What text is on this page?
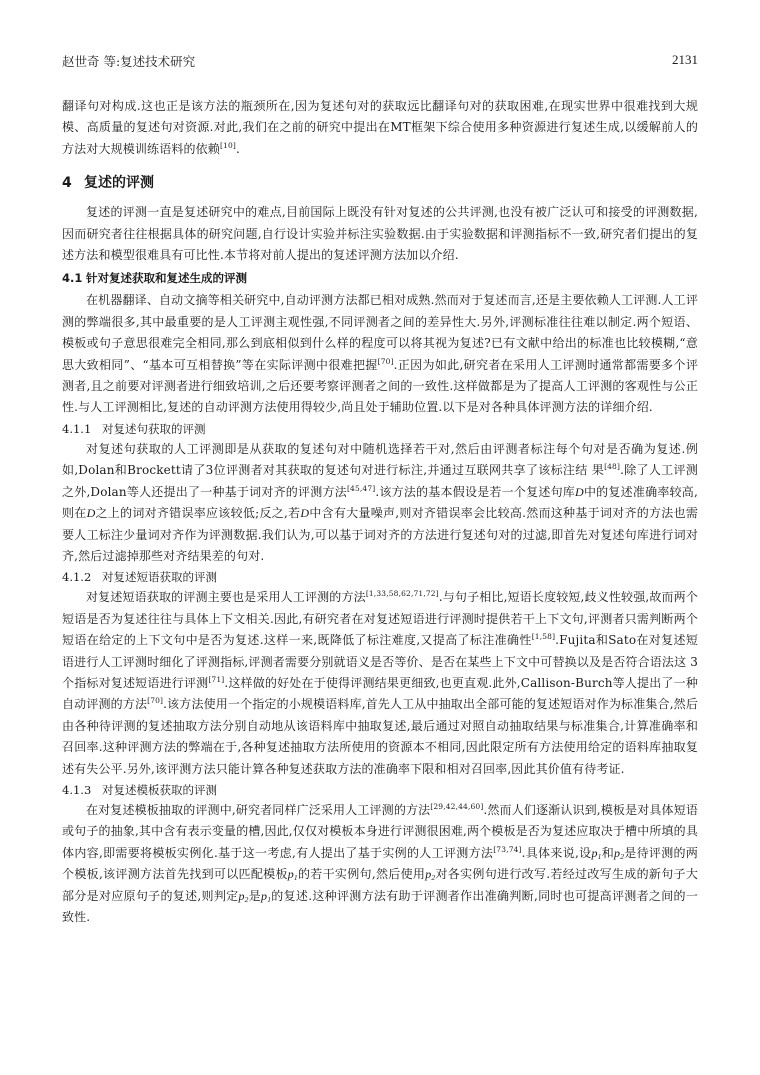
赵世奇 等:复述技术研究	2131

翻译句对构成.这也正是该方法的瓶颈所在,因为复述句对的获取远比翻译句对的获取困难,在现实世界中很难找到大规模、高质量的复述句对资源.对此,我们在之前的研究中提出在MT框架下综合使用多种资源进行复述生成,以缓解前人的方法对大规模训练语料的依赖[10].

4 复述的评测

复述的评测一直是复述研究中的难点,目前国际上既没有针对复述的公共评测,也没有被广泛认可和接受的评测数据,因而研究者往往根据具体的研究问题,自行设计实验并标注实验数据.由于实验数据和评测指标不一致,研究者们提出的复述方法和模型很难具有可比性.本节将对前人提出的复述评测方法加以介绍.

4.1 针对复述获取和复述生成的评测

在机器翻译、自动文摘等相关研究中,自动评测方法都已相对成熟.然而对于复述而言,还是主要依赖人工评测.人工评测的弊端很多,其中最重要的是人工评测主观性强,不同评测者之间的差异性大.另外,评测标准往往难以制定.两个短语、模板或句子意思很难完全相同,那么到底相似到什么样的程度可以将其视为复述?已有文献中给出的标准也比较模糊,“意思大致相同”、“基本可互相替换”等在实际评测中很难把握[70].正因为如此,研究者在采用人工评测时通常都需要多个评测者,且之前要对评测者进行细致培训,之后还要考察评测者之间的一致性.这样做都是为了提高人工评测的客观性与公正性.与人工评测相比,复述的自动评测方法使用得较少,尚且处于辅助位置.以下是对各种具体评测方法的详细介绍.

4.1.1 对复述句获取的评测

对复述句获取的人工评测即是从获取的复述句对中随机选择若干对,然后由评测者标注每个句对是否确为复述.例如,Dolan和Brockett请了3位评测者对其获取的复述句对进行标注,并通过互联网共享了该标注结 果[48].除了人工评测之外,Dolan等人还提出了一种基于词对齐的评测方法[45,47].该方法的基本假设是若一个复述句库D中的复述准确率较高,则在D之上的词对齐错误率应该较低;反之,若D中含有大量噪声,则对齐错误率会比较高.然而这种基于词对齐的方法也需要人工标注少量词对齐作为评测数据.我们认为,可以基于词对齐的方法进行复述句对的过滤,即首先对复述句库进行词对齐,然后过滤掉那些对齐结果差的句对.

4.1.2 对复述短语获取的评测

对复述短语获取的评测主要也是采用人工评测的方法[1,33,58,62,71,72].与句子相比,短语长度较短,歧义性较强,故而两个短语是否为复述往往与具体上下文相关.因此,有研究者在对复述短语进行评测时提供若干上下文句,评测者只需判断两个短语在给定的上下文句中是否为复述.这样一来,既降低了标注难度,又提高了标注准确性[1,58].Fujita和Sato在对复述短语进行人工评测时细化了评测指标,评测者需要分别就语义是否等价、是否在某些上下文中可替换以及是否符合语法这 3 个指标对复述短语进行评测[71].这样做的好处在于使得评测结果更细致,也更直观.此外,Callison-Burch等人提出了一种自动评测的方法[70].该方法使用一个指定的小规模语料库,首先人工从中抽取出全部可能的复述短语对作为标准集合,然后由各种待评测的复述抽取方法分别自动地从该语料库中抽取复述,最后通过对照自动抽取结果与标准集合,计算准确率和召回率.这种评测方法的弊端在于,各种复述抽取方法所使用的资源本不相同,因此限定所有方法使用给定的语料库抽取复述有失公平.另外,该评测方法只能计算各种复述获取方法的准确率下限和相对召回率,因此其价值有待考证.

4.1.3 对复述模板获取的评测

在对复述模板抽取的评测中,研究者同样广泛采用人工评测的方法[29,42,44,60].然而人们逐渐认识到,模板是对具体短语或句子的抽象,其中含有表示变量的槽,因此,仅仅对模板本身进行评测很困难,两个模板是否为复述应取决于槽中所填的具体内容,即需要将模板实例化.基于这一考虑,有人提出了基于实例的人工评测方法[73,74].具体来说,设$p_1$和$p_2$是待评测的两个模板,该评测方法首先找到可以匹配模板$p_1$的若干实例句,然后使用$p_2$对各实例句进行改写.若经过改写生成的新句子大部分是对应原句子的复述,则判定$p_2$是$p_1$的复述.这种评测方法有助于评测者作出准确判断,同时也可提高评测者之间的一致性.
